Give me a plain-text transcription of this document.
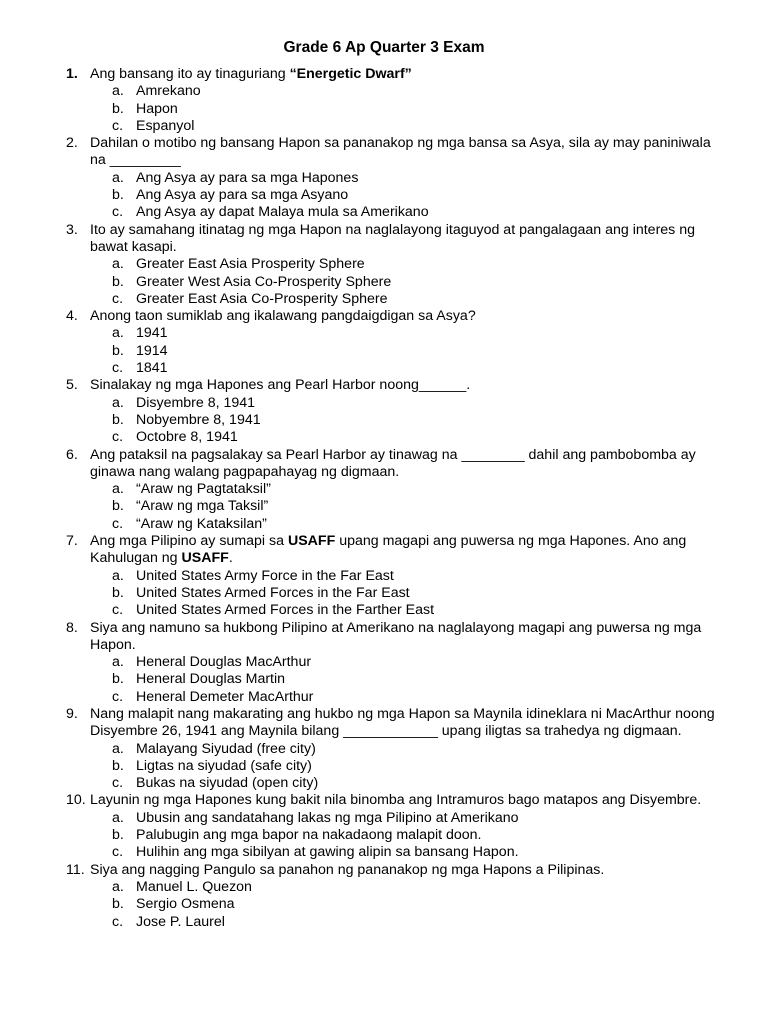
Grade 6 Ap Quarter 3 Exam
1. Ang bansang ito ay tinaguriang “Energetic Dwarf”
a. Amrekano
b. Hapon
c. Espanyol
2. Dahilan o motibo ng bansang Hapon sa pananakop ng mga bansa sa Asya, sila ay may paniniwala na _________
a. Ang Asya ay para sa mga Hapones
b. Ang Asya ay para sa mga Asyano
c. Ang Asya ay dapat Malaya mula sa Amerikano
3. Ito ay samahang itinatag ng mga Hapon na naglalayong itaguyod at pangalagaan ang interes ng bawat kasapi.
a. Greater East Asia Prosperity Sphere
b. Greater West Asia Co-Prosperity Sphere
c. Greater East Asia Co-Prosperity Sphere
4. Anong taon sumiklab ang ikalawang pangdaigdigan sa Asya?
a. 1941
b. 1914
c. 1841
5. Sinalakay ng mga Hapones ang Pearl Harbor noong______.
a. Disyembre 8, 1941
b. Nobyembre 8, 1941
c. Octobre 8, 1941
6. Ang pataksil na pagsalakay sa Pearl Harbor ay tinawag na ________ dahil ang pambobomba ay ginawa nang walang pagpapahayag ng digmaan.
a. “Araw ng Pagtataksil”
b. “Araw ng mga Taksil”
c. “Araw ng Kataksilan”
7. Ang mga Pilipino ay sumapi sa USAFF upang magapi ang puwersa ng mga Hapones. Ano ang Kahulugan ng USAFF.
a. United States Army Force in the Far East
b. United States Armed Forces in the Far East
c. United States Armed Forces in the Farther East
8. Siya ang namuno sa hukbong Pilipino at Amerikano na naglalayong magapi ang puwersa ng mga Hapon.
a. Heneral Douglas MacArthur
b. Heneral Douglas Martin
c. Heneral Demeter MacArthur
9. Nang malapit nang makarating ang hukbo ng mga Hapon sa Maynila idineklara ni MacArthur noong Disyembre 26, 1941 ang Maynila bilang ____________ upang iligtas sa trahedya ng digmaan.
a. Malayang Siyudad (free city)
b. Ligtas na siyudad (safe city)
c. Bukas na siyudad (open city)
10. Layunin ng mga Hapones kung bakit nila binomba ang Intramuros bago matapos ang Disyembre.
a. Ubusin ang sandatahang lakas ng mga Pilipino at Amerikano
b. Palubugin ang mga bapor na nakadaong malapit doon.
c. Hulihin ang mga sibilyan at gawing alipin sa bansang Hapon.
11. Siya ang nagging Pangulo sa panahon ng pananakop ng mga Hapons a Pilipinas.
a. Manuel L. Quezon
b. Sergio Osmena
c. Jose P. Laurel
